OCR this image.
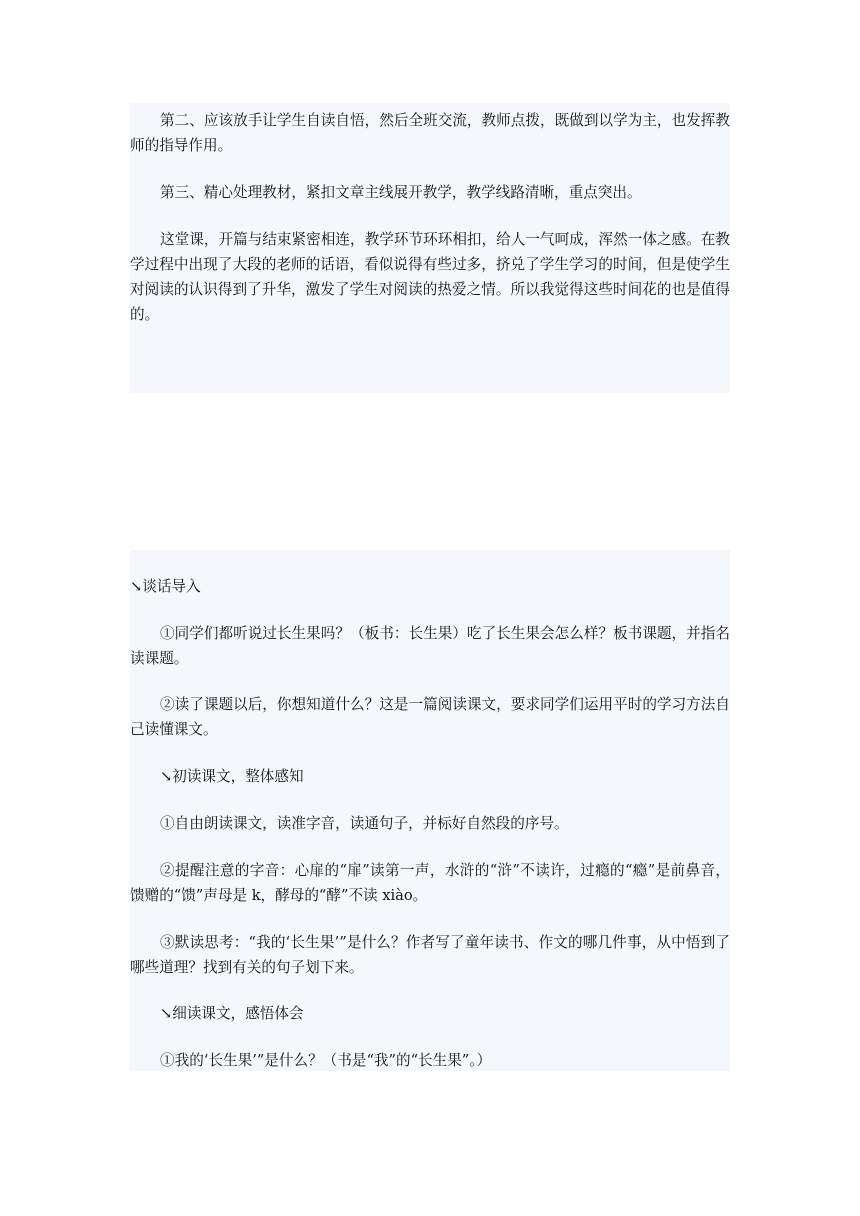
第二、应该放手让学生自读自悟，然后全班交流，教师点拨，既做到以学为主，也发挥教师的指导作用。

第三、精心处理教材，紧扣文章主线展开教学，教学线路清晰，重点突出。

这堂课，开篇与结束紧密相连，教学环节环环相扣，给人一气呵成，浑然一体之感。在教学过程中出现了大段的老师的话语，看似说得有些过多，挤兑了学生学习的时间，但是使学生对阅读的认识得到了升华，激发了学生对阅读的热爱之情。所以我觉得这些时间花的也是值得的。

↘谈话导入

①同学们都听说过长生果吗？（板书：长生果）吃了长生果会怎么样？板书课题，并指名读课题。

②读了课题以后，你想知道什么？这是一篇阅读课文，要求同学们运用平时的学习方法自己读懂课文。

↘初读课文，整体感知

①自由朗读课文，读准字音，读通句子，并标好自然段的序号。

②提醒注意的字音：心扉的“扉”读第一声，水浒的“浒”不读许，过瘾的“瘾”是前鼻音，馈赠的“馈”声母是 k，酵母的“酵”不读 xiào。

③默读思考：“我的‘长生果’”是什么？作者写了童年读书、作文的哪几件事，从中悟到了哪些道理？找到有关的句子划下来。

↘细读课文，感悟体会

①我的‘长生果’”是什么？（书是“我”的“长生果”。）
